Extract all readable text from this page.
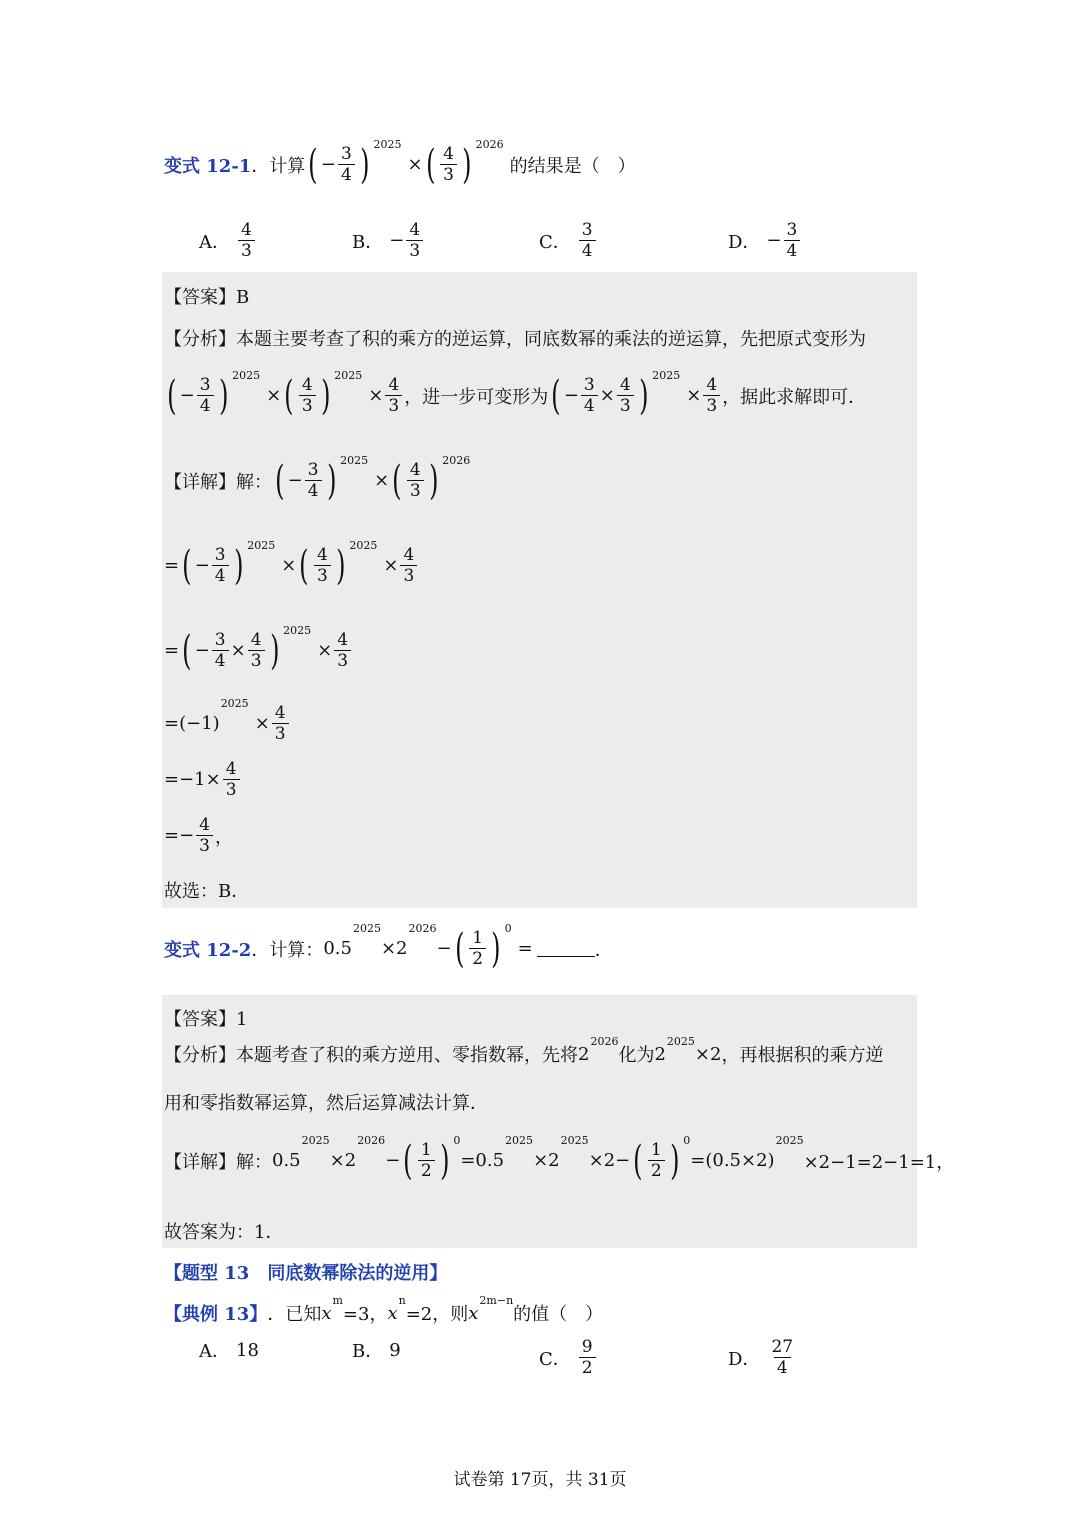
变式 12-1 ． 计算 ( − $\frac{3}{4}$ ) 2025
× ( $\frac{4}{3}$ ) 2026
的结果是（　）
A． $\frac{4}{3}$	B． − $\frac{4}{3}$	C． $\frac{3}{4}$	D． − $\frac{3}{4}$
【答案】B
【分析】本题主要考查了积的乘方的逆运算，同底数幂的乘法的逆运算，先把原式变形为
( − $\frac{3}{4}$ ) 2025
× ( $\frac{4}{3}$ ) 2025
× $\frac{4}{3}$ ，进一步可变形为 ( − $\frac{3}{4} \times \frac{4}{3}$ ) 2025
× $\frac{4}{3}$ ，据此求解即可．
【详解】 解： ( − $\frac{3}{4}$ ) 2025
× ( $\frac{4}{3}$ ) 2026
= ( − $\frac{3}{4}$ ) 2025
× ( $\frac{4}{3}$ ) 2025
× $\frac{4}{3}$
= ( − $\frac{3}{4} \times \frac{4}{3}$ ) 2025
× $\frac{4}{3}$
=( −1 )
2025
× $\frac{4}{3}$
$=-1\times \frac{4}{3}$
=− $\frac{4}{3}$ ，
故选：B．
变式 12-2 ． 计算： 0.5
2025
× 2
2026
− ( $\frac{1}{2}$ ) 0
=	．
【答案】1
【分析】 本题考查了积的乘方逆用、零指数幂，先将 2
2026
化为 2
2025
×2 ，再根据积的乘方逆
用和零指数幂运算，然后运算减法计算．
【详解】 解： 0.5
2025
×2
2026
− ( $\frac{1}{2}$ ) 0
= 0.5
2025
×2
2025
×2− ( $\frac{1}{2}$ ) 0
=(0.5×2)
2025
×2−1=2−1=1，
故答案为：1．
【题型 13　同底数幂除法的逆用】
【典例 13】 ． 已知 x
m
=3， x
n
=2，则 x
2m−n
的值（　）
A． 18	B． 9	C． $\frac{9}{2}$	D． $\frac{27}{4}$
试卷第 17页，共 31页
